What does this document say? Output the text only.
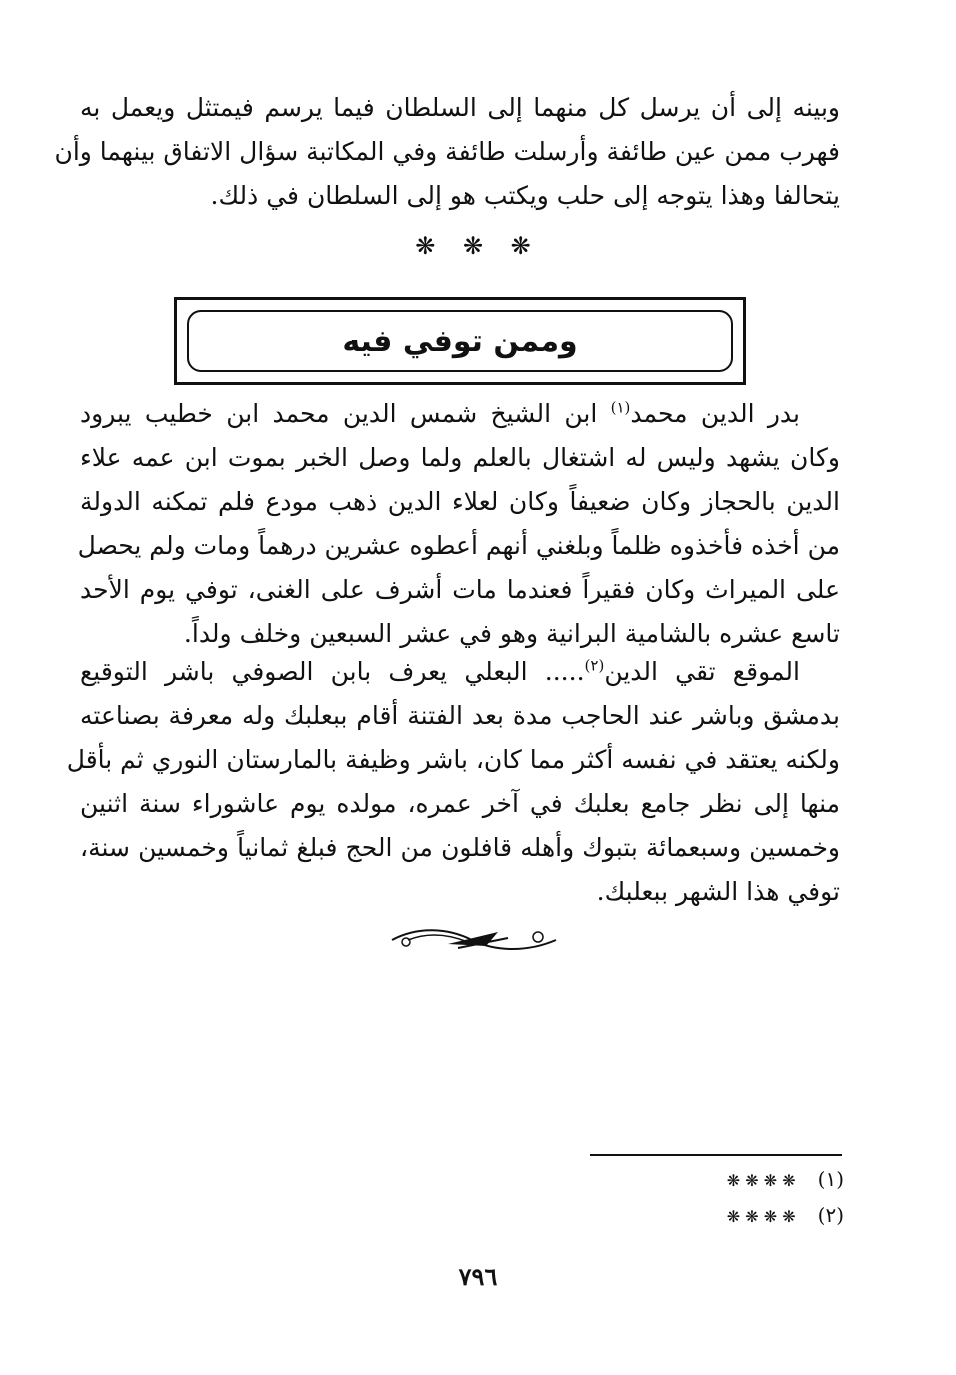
وبينه إلى أن يرسل كل منهما إلى السلطان فيما يرسم فيمتثل ويعمل به
فهرب ممن عين طائفة وأرسلت طائفة وفي المكاتبة سؤال الاتفاق بينهما وأن
يتحالفا وهذا يتوجه إلى حلب ويكتب هو إلى السلطان في ذلك.
❋ ❋ ❋
وممن توفي فيه
بدر الدين محمد$^{(١)}$ ابن الشيخ شمس الدين محمد ابن خطيب يبرود
وكان يشهد وليس له اشتغال بالعلم ولما وصل الخبر بموت ابن عمه علاء
الدين بالحجاز وكان ضعيفاً وكان لعلاء الدين ذهب مودع فلم تمكنه الدولة
من أخذه فأخذوه ظلماً وبلغني أنهم أعطوه عشرين درهماً ومات ولم يحصل
على الميراث وكان فقيراً فعندما مات أشرف على الغنى، توفي يوم الأحد
تاسع عشره بالشامية البرانية وهو في عشر السبعين وخلف ولداً.
الموقع تقي الدين$^{(٢)}$..... البعلي يعرف بابن الصوفي باشر التوقيع
بدمشق وباشر عند الحاجب مدة بعد الفتنة أقام ببعلبك وله معرفة بصناعته
ولكنه يعتقد في نفسه أكثر مما كان، باشر وظيفة بالمارستان النوري ثم بأقل
منها إلى نظر جامع بعلبك في آخر عمره، مولده يوم عاشوراء سنة اثنين
وخمسين وسبعمائة بتبوك وأهله قافلون من الحج فبلغ ثمانياً وخمسين سنة،
توفي هذا الشهر ببعلبك.
(١)❋ ❋ ❋ ❋
(٢)❋ ❋ ❋ ❋
٧٩٦
